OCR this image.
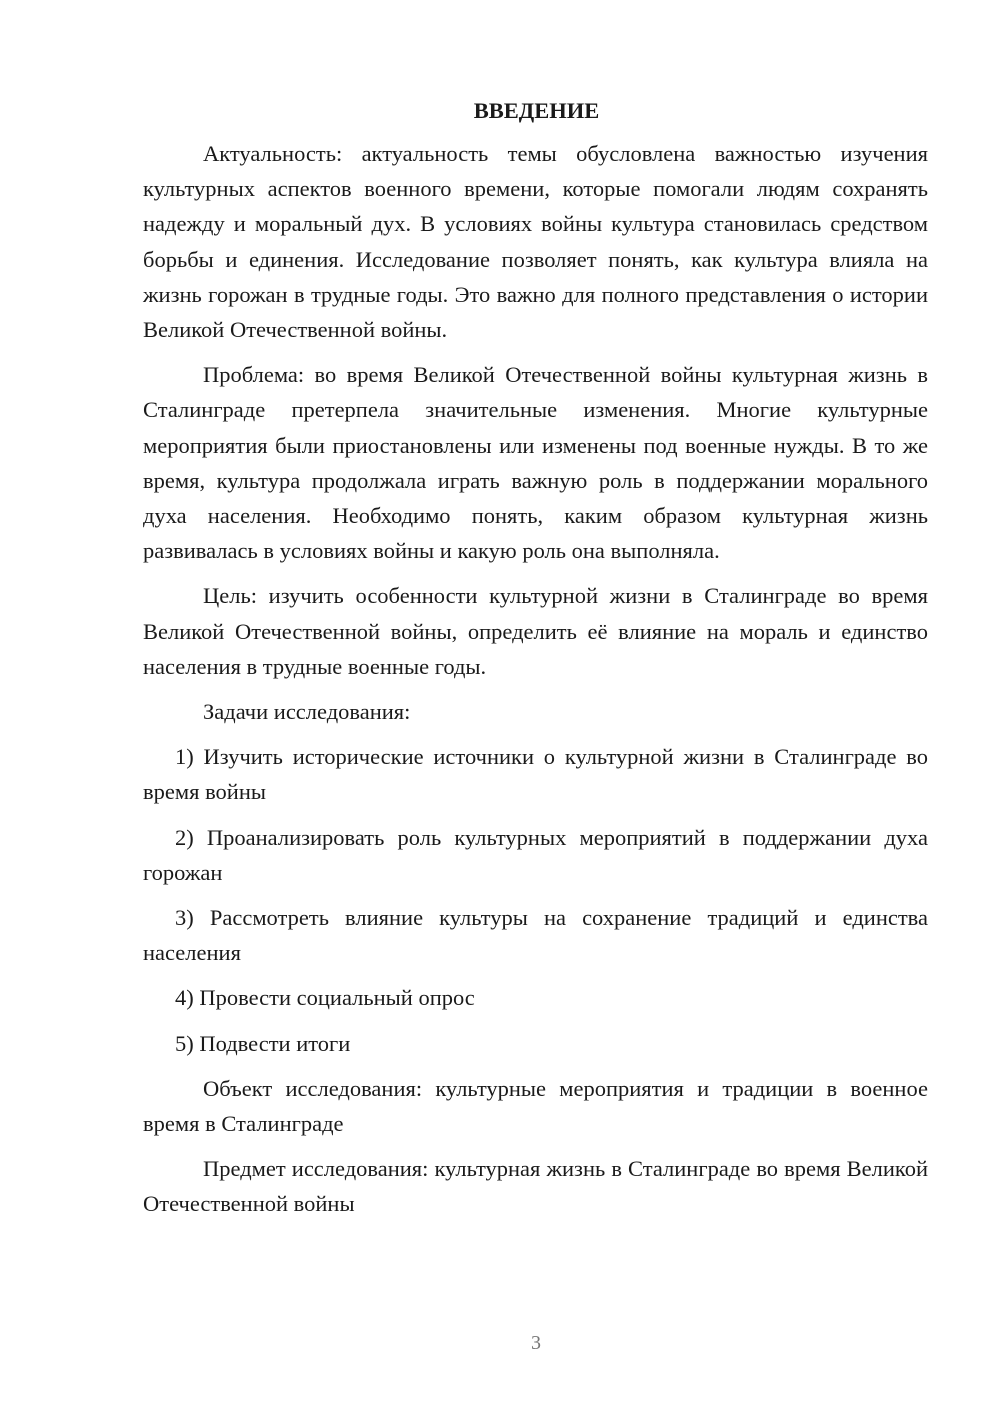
ВВЕДЕНИЕ

Актуальность: актуальность темы обусловлена важностью изучения культурных аспектов военного времени, которые помогали людям сохранять надежду и моральный дух. В условиях войны культура становилась средством борьбы и единения. Исследование позволяет понять, как культура влияла на жизнь горожан в трудные годы. Это важно для полного представления о истории Великой Отечественной войны.

Проблема: во время Великой Отечественной войны культурная жизнь в Сталинграде претерпела значительные изменения. Многие культурные мероприятия были приостановлены или изменены под военные нужды. В то же время, культура продолжала играть важную роль в поддержании морального духа населения. Необходимо понять, каким образом культурная жизнь развивалась в условиях войны и какую роль она выполняла.

Цель: изучить особенности культурной жизни в Сталинграде во время Великой Отечественной войны, определить её влияние на мораль и единство населения в трудные военные годы.

Задачи исследования:

1) Изучить исторические источники о культурной жизни в Сталинграде во время войны

2) Проанализировать роль культурных мероприятий в поддержании духа горожан

3) Рассмотреть влияние культуры на сохранение традиций и единства населения

4) Провести социальный опрос

5) Подвести итоги

Объект исследования: культурные мероприятия и традиции в военное время в Сталинграде

Предмет исследования: культурная жизнь в Сталинграде во время Великой Отечественной войны

3
